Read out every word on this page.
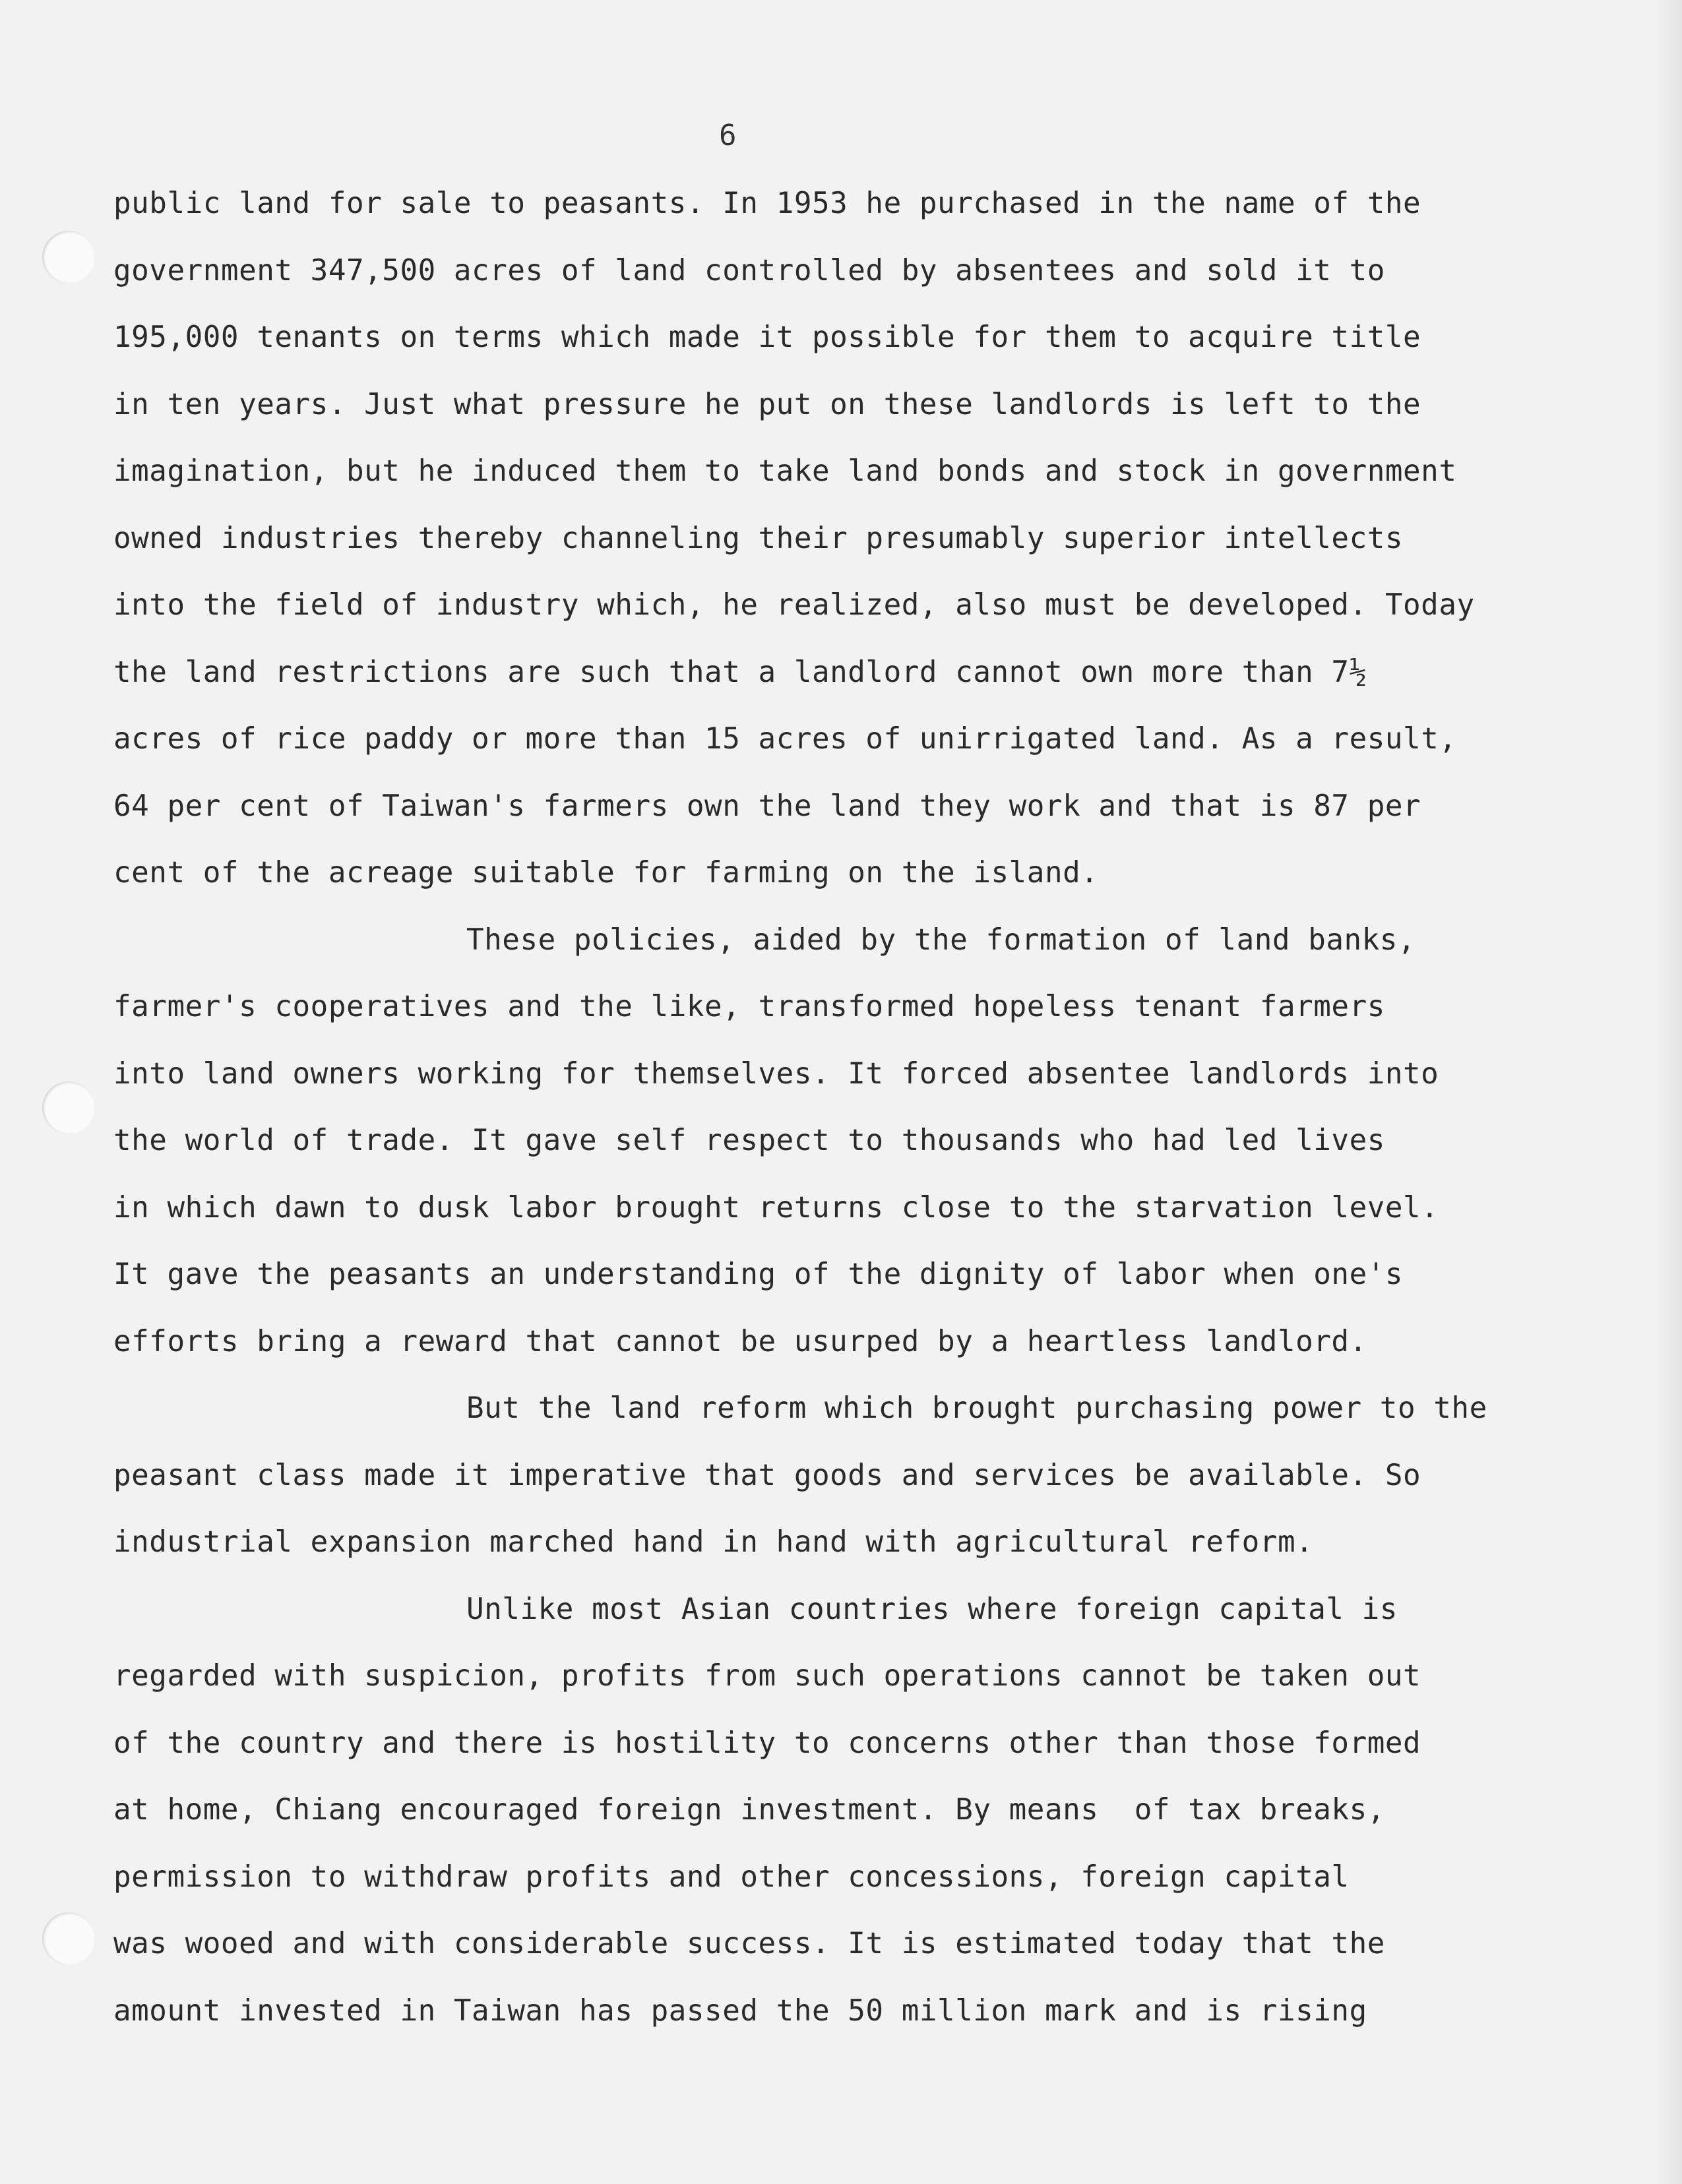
6
public land for sale to peasants. In 1953 he purchased in the name of the
government 347,500 acres of land controlled by absentees and sold it to
195,000 tenants on terms which made it possible for them to acquire title
in ten years. Just what pressure he put on these landlords is left to the
imagination, but he induced them to take land bonds and stock in government
owned industries thereby channeling their presumably superior intellects
into the field of industry which, he realized, also must be developed. Today
the land restrictions are such that a landlord cannot own more than 7½
acres of rice paddy or more than 15 acres of unirrigated land. As a result,
64 per cent of Taiwan's farmers own the land they work and that is 87 per
cent of the acreage suitable for farming on the island.
These policies, aided by the formation of land banks,
farmer's cooperatives and the like, transformed hopeless tenant farmers
into land owners working for themselves. It forced absentee landlords into
the world of trade. It gave self respect to thousands who had led lives
in which dawn to dusk labor brought returns close to the starvation level.
It gave the peasants an understanding of the dignity of labor when one's
efforts bring a reward that cannot be usurped by a heartless landlord.
But the land reform which brought purchasing power to the
peasant class made it imperative that goods and services be available. So
industrial expansion marched hand in hand with agricultural reform.
Unlike most Asian countries where foreign capital is
regarded with suspicion, profits from such operations cannot be taken out
of the country and there is hostility to concerns other than those formed
at home, Chiang encouraged foreign investment. By means  of tax breaks,
permission to withdraw profits and other concessions, foreign capital
was wooed and with considerable success. It is estimated today that the
amount invested in Taiwan has passed the 50 million mark and is rising
